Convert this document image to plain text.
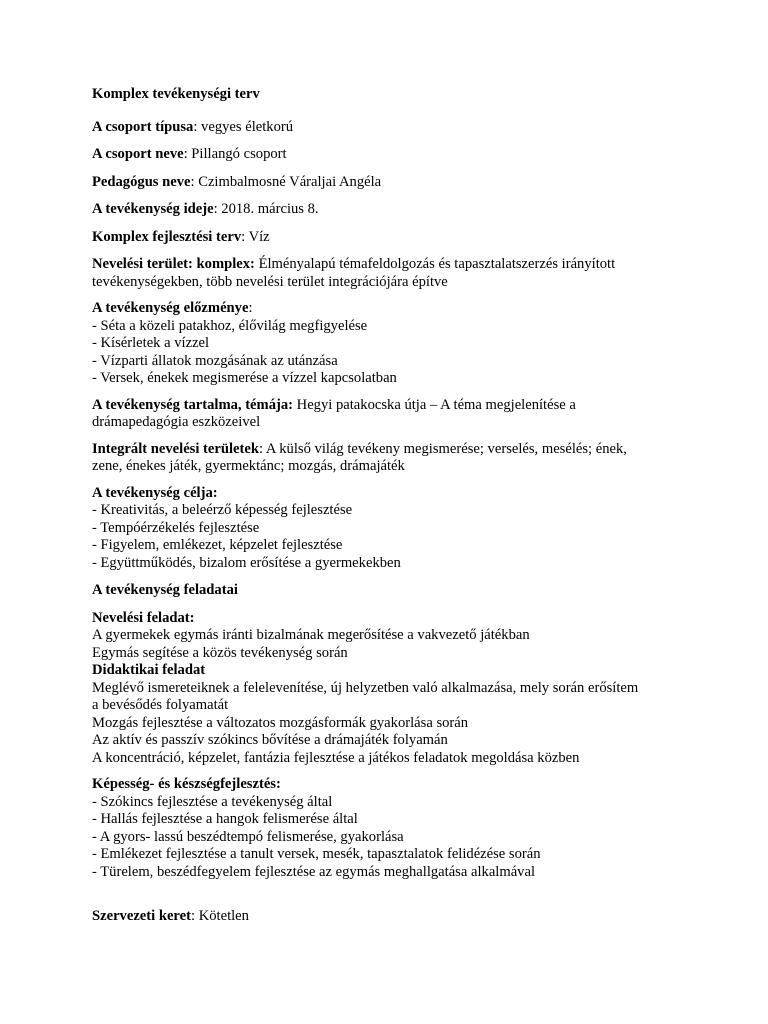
Komplex tevékenységi terv

A csoport típusa: vegyes életkorú

A csoport neve: Pillangó csoport

Pedagógus neve: Czimbalmosné Váraljai Angéla

A tevékenység ideje: 2018. március 8.

Komplex fejlesztési terv: Víz

Nevelési terület: komplex: Élményalapú témafeldolgozás és tapasztalatszerzés irányított
tevékenységekben, több nevelési terület integrációjára építve

A tevékenység előzménye:
- Séta a közeli patakhoz, élővilág megfigyelése
- Kísérletek a vízzel
- Vízparti állatok mozgásának az utánzása
- Versek, énekek megismerése a vízzel kapcsolatban

A tevékenység tartalma, témája: Hegyi patakocska útja – A téma megjelenítése a
drámapedagógia eszközeivel

Integrált nevelési területek: A külső világ tevékeny megismerése; verselés, mesélés; ének,
zene, énekes játék, gyermektánc; mozgás, drámajáték

A tevékenység célja:
- Kreativitás, a beleérző képesség fejlesztése
- Tempóérzékelés fejlesztése
- Figyelem, emlékezet, képzelet fejlesztése
- Együttműködés, bizalom erősítése a gyermekekben

A tevékenység feladatai

Nevelési feladat:
A gyermekek egymás iránti bizalmának megerősítése a vakvezető játékban
Egymás segítése a közös tevékenység során

Didaktikai feladat
Meglévő ismereteiknek a felelevenítése, új helyzetben való alkalmazása, mely során erősítem
a bevésődés folyamatát
Mozgás fejlesztése a változatos mozgásformák gyakorlása során
Az aktív és passzív szókincs bővítése a drámajáték folyamán
A koncentráció, képzelet, fantázia fejlesztése a játékos feladatok megoldása közben

Képesség- és készségfejlesztés:
- Szókincs fejlesztése a tevékenység által
- Hallás fejlesztése a hangok felismerése által
- A gyors- lassú beszédtempó felismerése, gyakorlása
- Emlékezet fejlesztése a tanult versek, mesék, tapasztalatok felidézése során
- Türelem, beszédfegyelem fejlesztése az egymás meghallgatása alkalmával

Szervezeti keret: Kötetlen
